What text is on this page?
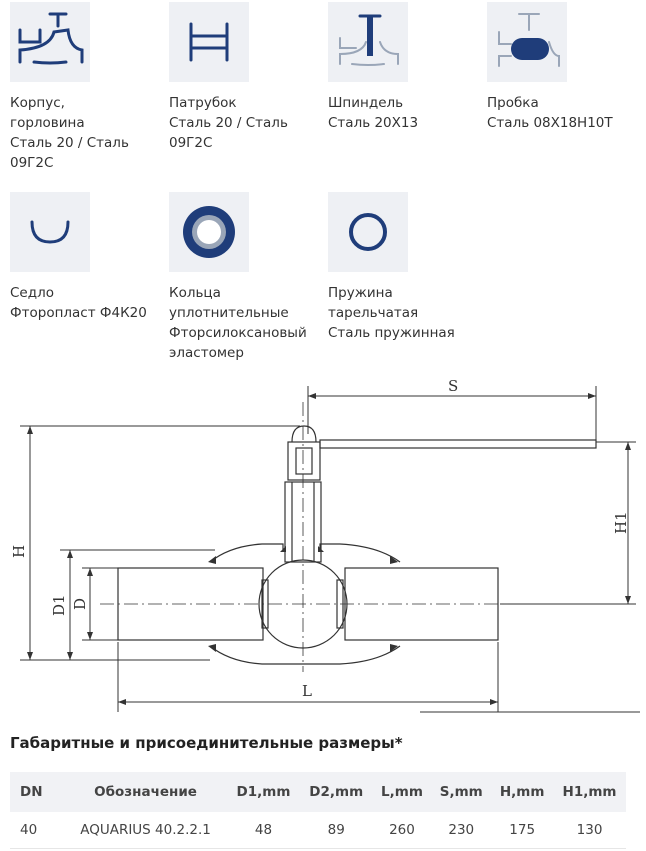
Корпус,
горловина
Сталь 20 / Сталь
09Г2С
Патрубок
Сталь 20 / Сталь
09Г2С
Шпиндель
Сталь 20Х13
Пробка
Сталь 08Х18Н10Т
Седло
Фторопласт Ф4К20
Кольца
уплотнительные
Фторсилоксановый
эластомер
Пружина
тарельчатая
Сталь пружинная
S
H
H1
D1 D
L
Габаритные и присоединительные размеры*
DN	Обозначение	D1,mm	D2,mm	L,mm	S,mm	H,mm	H1,mm
40	AQUARIUS 40.2.2.1	48	89	260	230	175	130
